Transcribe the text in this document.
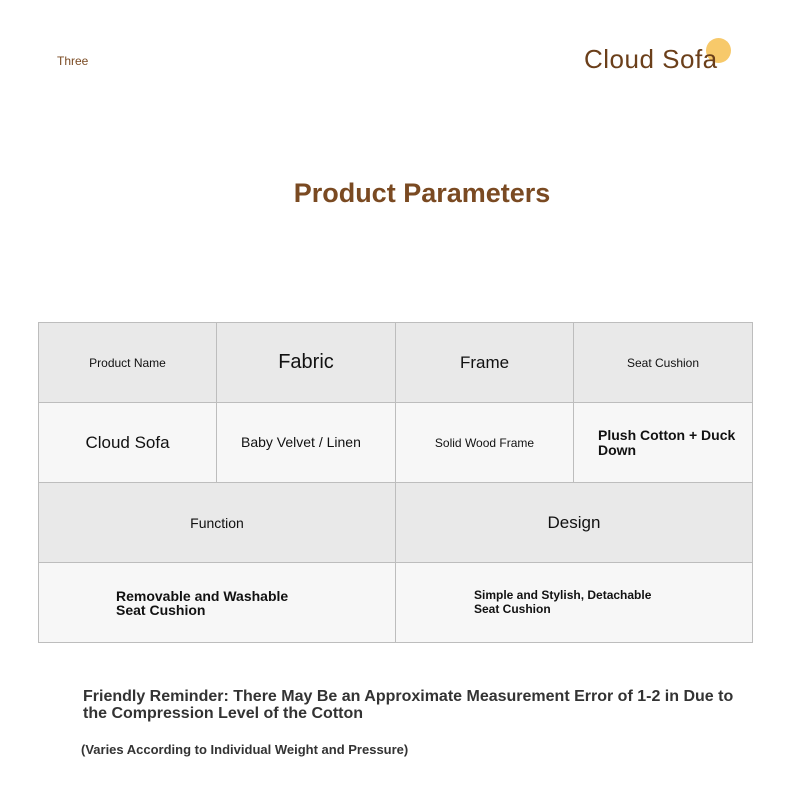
Three	Cloud Sofa
Product Parameters
Product Name	Fabric	Frame	Seat Cushion
Cloud Sofa	Baby Velvet / Linen	Solid Wood Frame	Plush Cotton + Duck Down
Function		Design	

Removable and Washable Seat Cushion		Simple and Stylish, Detachable Seat Cushion	
Friendly Reminder: There May Be an Approximate Measurement Error of 1-2 in Due to the Compression Level of the Cotton
(Varies According to Individual Weight and Pressure)
